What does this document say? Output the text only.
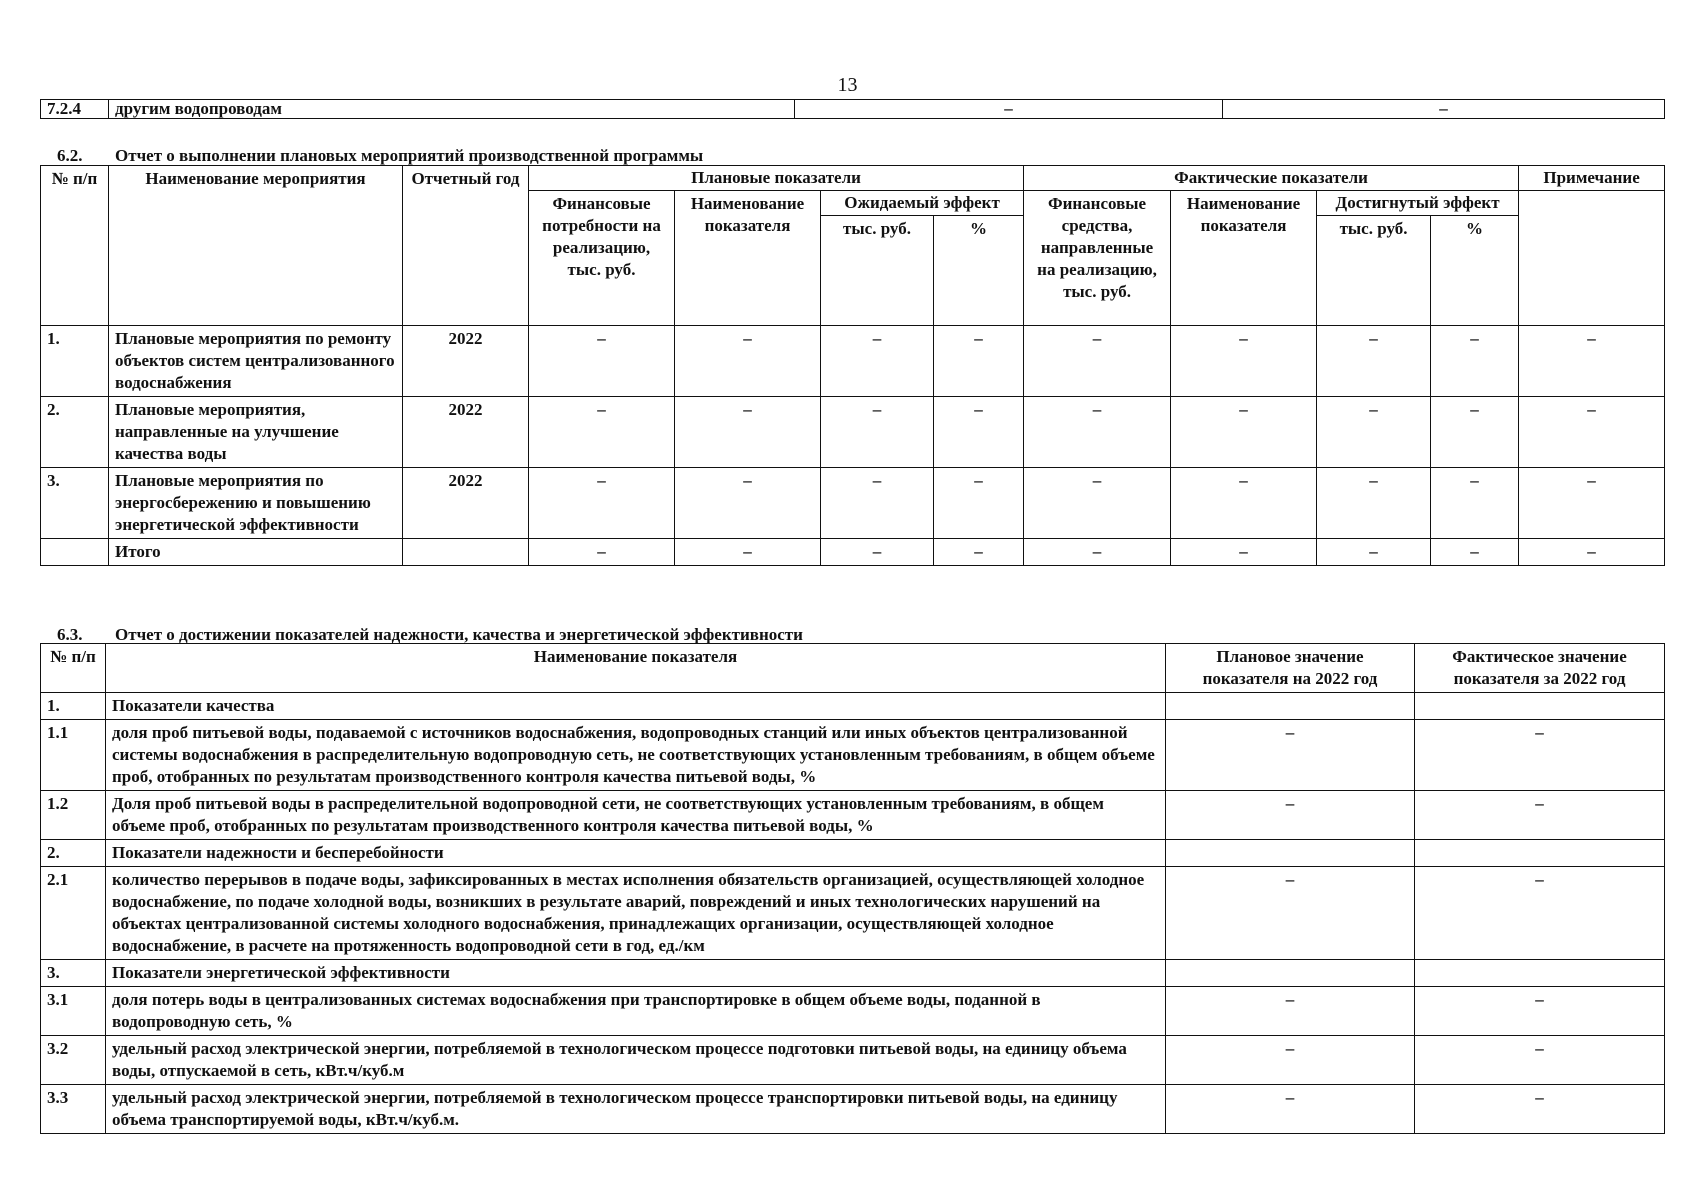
13
7.2.4	другим водопроводам	–	–
6.2. Отчет о выполнении плановых мероприятий производственной программы
№ п/п	Наименование мероприятия	Отчетный год	Плановые показатели				Фактические показатели				Примечание
			Финансовые потребности на реализацию, тыс. руб.	Наименование показателя	Ожидаемый эффект		Финансовые средства, направленные на реализацию, тыс. руб.	Наименование показателя	Достигнутый эффект		
					тыс. руб.	%			тыс. руб.	%	
1.	Плановые мероприятия по ремонту объектов систем централизованного водоснабжения	2022	–	–	–	–	–	–	–	–	–
2.	Плановые мероприятия, направленные на улучшение качества воды	2022	–	–	–	–	–	–	–	–	–
3.	Плановые мероприятия по энергосбережению и повышению энергетической эффективности	2022	–	–	–	–	–	–	–	–	–
	Итого		–	–	–	–	–	–	–	–	–
6.3. Отчет о достижении показателей надежности, качества и энергетической эффективности
№ п/п	Наименование показателя	Плановое значение показателя на 2022 год	Фактическое значение показателя за 2022 год
1.	Показатели качества		
1.1	доля проб питьевой воды, подаваемой с источников водоснабжения, водопроводных станций или иных объектов централизованной системы водоснабжения в распределительную водопроводную сеть, не соответствующих установленным требованиям, в общем объеме проб, отобранных по результатам производственного контроля качества питьевой воды, %	–	–
1.2	Доля проб питьевой воды в распределительной водопроводной сети, не соответствующих установленным требованиям, в общем объеме проб, отобранных по результатам производственного контроля качества питьевой воды, %	–	–
2.	Показатели надежности и бесперебойности		
2.1	количество перерывов в подаче воды, зафиксированных в местах исполнения обязательств организацией, осуществляющей холодное водоснабжение, по подаче холодной воды, возникших в результате аварий, повреждений и иных технологических нарушений на объектах централизованной системы холодного водоснабжения, принадлежащих организации, осуществляющей холодное водоснабжение, в расчете на протяженность водопроводной сети в год, ед./км	–	–
3.	Показатели энергетической эффективности		
3.1	доля потерь воды в централизованных системах водоснабжения при транспортировке в общем объеме воды, поданной в водопроводную сеть, %	–	–
3.2	удельный расход электрической энергии, потребляемой в технологическом процессе подготовки питьевой воды, на единицу объема воды, отпускаемой в сеть, кВт.ч/куб.м	–	–
3.3	удельный расход электрической энергии, потребляемой в технологическом процессе транспортировки питьевой воды, на единицу объема транспортируемой воды, кВт.ч/куб.м.	–	–
